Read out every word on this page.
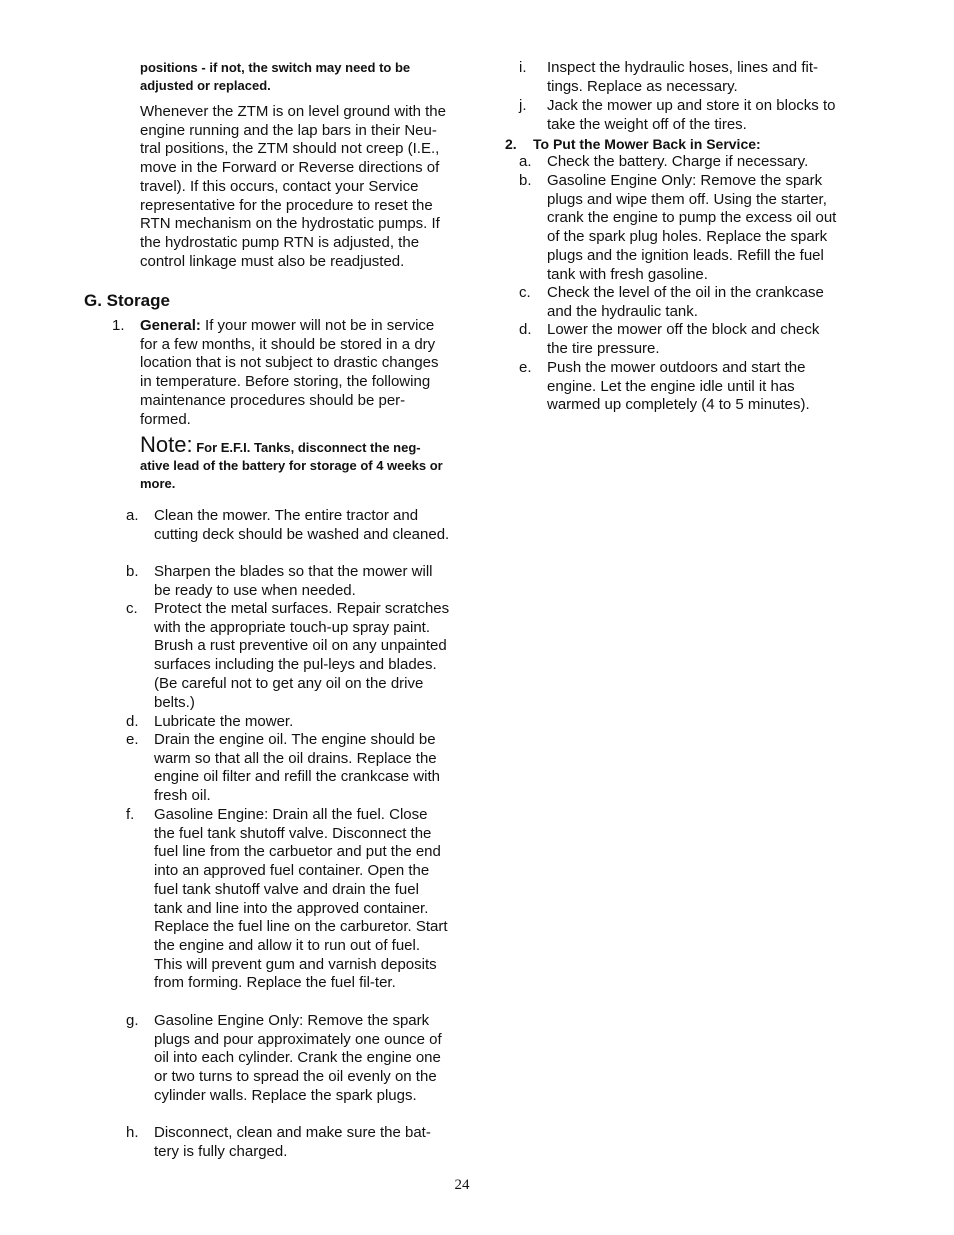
positions - if not, the switch may need to be adjusted or replaced.

Whenever the ZTM is on level ground with the engine running and the lap bars in their Neu-tral positions, the ZTM should not creep (I.E., move in the Forward or Reverse directions of travel). If this occurs, contact your Service representative for the procedure to reset the RTN mechanism on the hydrostatic pumps. If the hydrostatic pump RTN is adjusted, the control linkage must also be readjusted.

G. Storage
1. General: If your mower will not be in service for a few months, it should be stored in a dry location that is not subject to drastic changes in temperature. Before storing, the following maintenance procedures should be per-formed.

Note: For E.F.I. Tanks, disconnect the neg-ative lead of the battery for storage of 4 weeks or more.

a. Clean the mower. The entire tractor and cutting deck should be washed and cleaned.

b. Sharpen the blades so that the mower will be ready to use when needed.

c. Protect the metal surfaces. Repair scratches with the appropriate touch-up spray paint. Brush a rust preventive oil on any unpainted surfaces including the pul-leys and blades. (Be careful not to get any oil on the drive belts.)

d. Lubricate the mower.

e. Drain the engine oil. The engine should be warm so that all the oil drains. Replace the engine oil filter and refill the crankcase with fresh oil.

f. Gasoline Engine: Drain all the fuel. Close the fuel tank shutoff valve. Disconnect the fuel line from the carbuetor and put the end into an approved fuel container. Open the fuel tank shutoff valve and drain the fuel tank and line into the approved container. Replace the fuel line on the carburetor. Start the engine and allow it to run out of fuel. This will prevent gum and varnish deposits from forming. Replace the fuel fil-ter.

g. Gasoline Engine Only: Remove the spark plugs and pour approximately one ounce of oil into each cylinder. Crank the engine one or two turns to spread the oil evenly on the cylinder walls. Replace the spark plugs.

h. Disconnect, clean and make sure the bat-tery is fully charged.

i. Inspect the hydraulic hoses, lines and fit-tings. Replace as necessary.

j. Jack the mower up and store it on blocks to take the weight off of the tires.

2. To Put the Mower Back in Service:
a. Check the battery. Charge if necessary.

b. Gasoline Engine Only: Remove the spark plugs and wipe them off. Using the starter, crank the engine to pump the excess oil out of the spark plug holes. Replace the spark plugs and the ignition leads. Refill the fuel tank with fresh gasoline.

c. Check the level of the oil in the crankcase and the hydraulic tank.

d. Lower the mower off the block and check the tire pressure.

e. Push the mower outdoors and start the engine. Let the engine idle until it has warmed up completely (4 to 5 minutes).

24
